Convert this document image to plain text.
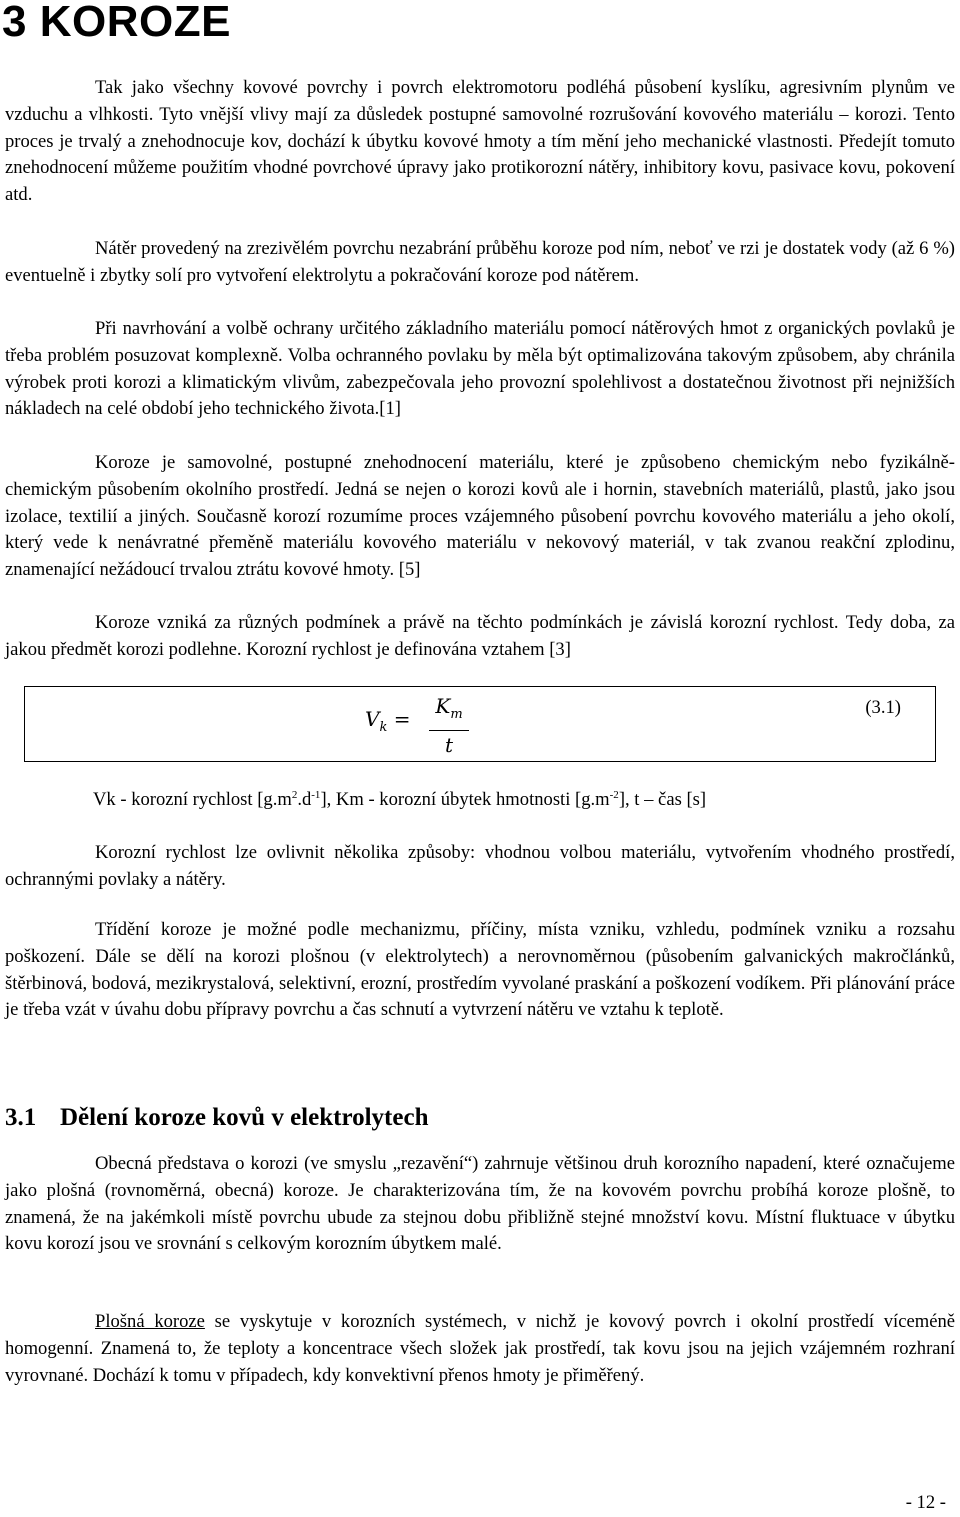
3 KOROZE

Tak jako všechny kovové povrchy i povrch elektromotoru podléhá působení kyslíku, agresivním plynům ve vzduchu a vlhkosti. Tyto vnější vlivy mají za důsledek postupné samovolné rozrušování kovového materiálu – korozi. Tento proces je trvalý a znehodnocuje kov, dochází k úbytku kovové hmoty a tím mění jeho mechanické vlastnosti. Předejít tomuto znehodnocení můžeme použitím vhodné povrchové úpravy jako protikorozní nátěry, inhibitory kovu, pasivace kovu, pokovení atd.

Nátěr provedený na zrezivělém povrchu nezabrání průběhu koroze pod ním, neboť ve rzi je dostatek vody (až 6 %) eventuelně i zbytky solí pro vytvoření elektrolytu a pokračování koroze pod nátěrem.

Při navrhování a volbě ochrany určitého základního materiálu pomocí nátěrových hmot z organických povlaků je třeba problém posuzovat komplexně. Volba ochranného povlaku by měla být optimalizována takovým způsobem, aby chránila výrobek proti korozi a klimatickým vlivům, zabezpečovala jeho provozní spolehlivost a dostatečnou životnost při nejnižších nákladech na celé období jeho technického života.[1]

Koroze je samovolné, postupné znehodnocení materiálu, které je způsobeno chemickým nebo fyzikálně-chemickým působením okolního prostředí. Jedná se nejen o korozi kovů ale i hornin, stavebních materiálů, plastů, jako jsou izolace, textilií a jiných. Současně korozí rozumíme proces vzájemného působení povrchu kovového materiálu a jeho okolí, který vede k nenávratné přeměně materiálu kovového materiálu v nekovový materiál, v tak zvanou reakční zplodinu, znamenající nežádoucí trvalou ztrátu kovové hmoty. [5]

Koroze vzniká za různých podmínek a právě na těchto podmínkách je závislá korozní rychlost. Tedy doba, za jakou předmět korozi podlehne. Korozní rychlost je definována vztahem [3]

$V_k$ =
$K_m$
t
(3.1)

Vk - korozní rychlost $[g.m^2.d^{-1}]$, Km - korozní úbytek hmotnosti $[g.m^{-2}]$, t – čas [s]

Korozní rychlost lze ovlivnit několika způsoby: vhodnou volbou materiálu, vytvořením vhodného prostředí, ochrannými povlaky a nátěry.

Třídění koroze je možné podle mechanizmu, příčiny, místa vzniku, vzhledu, podmínek vzniku a rozsahu poškození. Dále se dělí na korozi plošnou (v elektrolytech) a nerovnoměrnou (působením galvanických makročlánků, štěrbinová, bodová, mezikrystalová, selektivní, erozní, prostředím vyvolané praskání a poškození vodíkem. Při plánování práce je třeba vzát v úvahu dobu přípravy povrchu a čas schnutí a vytvrzení nátěru ve vztahu k teplotě.

3.1 Dělení koroze kovů v elektrolytech

Obecná představa o korozi (ve smyslu „rezavění“) zahrnuje většinou druh korozního napadení, které označujeme jako plošná (rovnoměrná, obecná) koroze. Je charakterizována tím, že na kovovém povrchu probíhá koroze plošně, to znamená, že na jakémkoli místě povrchu ubude za stejnou dobu přibližně stejné množství kovu. Místní fluktuace v úbytku kovu korozí jsou ve srovnání s celkovým korozním úbytkem malé.

Plošná koroze se vyskytuje v korozních systémech, v nichž je kovový povrch i okolní prostředí víceméně homogenní. Znamená to, že teploty a koncentrace všech složek jak prostředí, tak kovu jsou na jejich vzájemném rozhraní vyrovnané. Dochází k tomu v případech, kdy konvektivní přenos hmoty je přiměřený.

- 12 -
